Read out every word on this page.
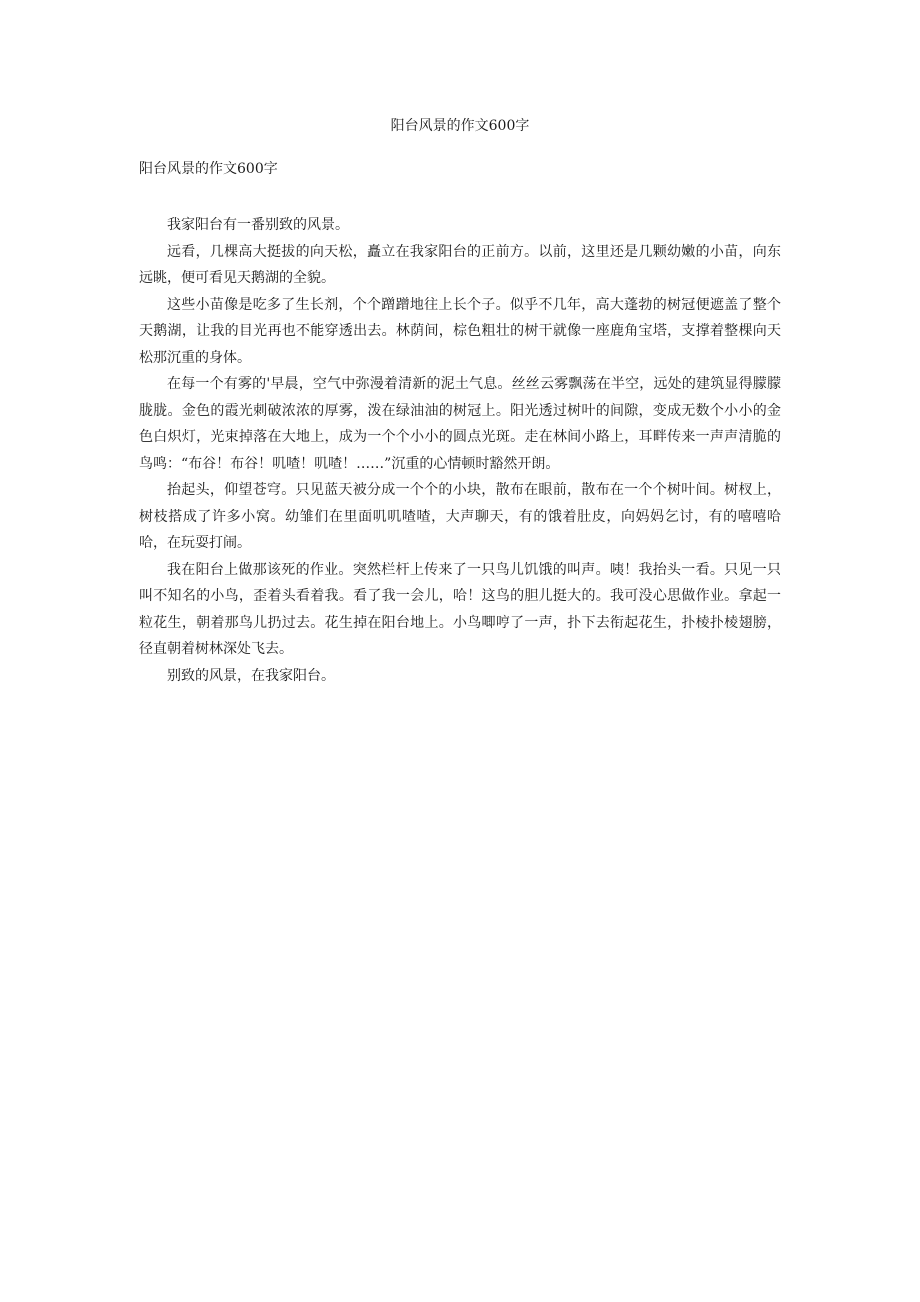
阳台风景的作文600字
阳台风景的作文600字

我家阳台有一番别致的风景。

远看，几棵高大挺拔的向天松，矗立在我家阳台的正前方。以前，这里还是几颗幼嫩的小苗，向东远眺，便可看见天鹅湖的全貌。

这些小苗像是吃多了生长剂，个个蹭蹭地往上长个子。似乎不几年，高大蓬勃的树冠便遮盖了整个天鹅湖，让我的目光再也不能穿透出去。林荫间，棕色粗壮的树干就像一座鹿角宝塔，支撑着整棵向天松那沉重的身体。

在每一个有雾的'早晨，空气中弥漫着清新的泥土气息。丝丝云雾飘荡在半空，远处的建筑显得朦朦胧胧。金色的霞光刺破浓浓的厚雾，泼在绿油油的树冠上。阳光透过树叶的间隙，变成无数个小小的金色白炽灯，光束掉落在大地上，成为一个个小小的圆点光斑。走在林间小路上，耳畔传来一声声清脆的鸟鸣：“布谷！布谷！叽喳！叽喳！……”沉重的心情顿时豁然开朗。

抬起头，仰望苍穹。只见蓝天被分成一个个的小块，散布在眼前，散布在一个个树叶间。树杈上，树枝搭成了许多小窝。幼雏们在里面叽叽喳喳，大声聊天，有的饿着肚皮，向妈妈乞讨，有的嘻嘻哈哈，在玩耍打闹。

我在阳台上做那该死的作业。突然栏杆上传来了一只鸟儿饥饿的叫声。咦！我抬头一看。只见一只叫不知名的小鸟，歪着头看着我。看了我一会儿，哈！这鸟的胆儿挺大的。我可没心思做作业。拿起一粒花生，朝着那鸟儿扔过去。花生掉在阳台地上。小鸟唧哼了一声，扑下去衔起花生，扑棱扑棱翅膀，径直朝着树林深处飞去。

别致的风景，在我家阳台。
